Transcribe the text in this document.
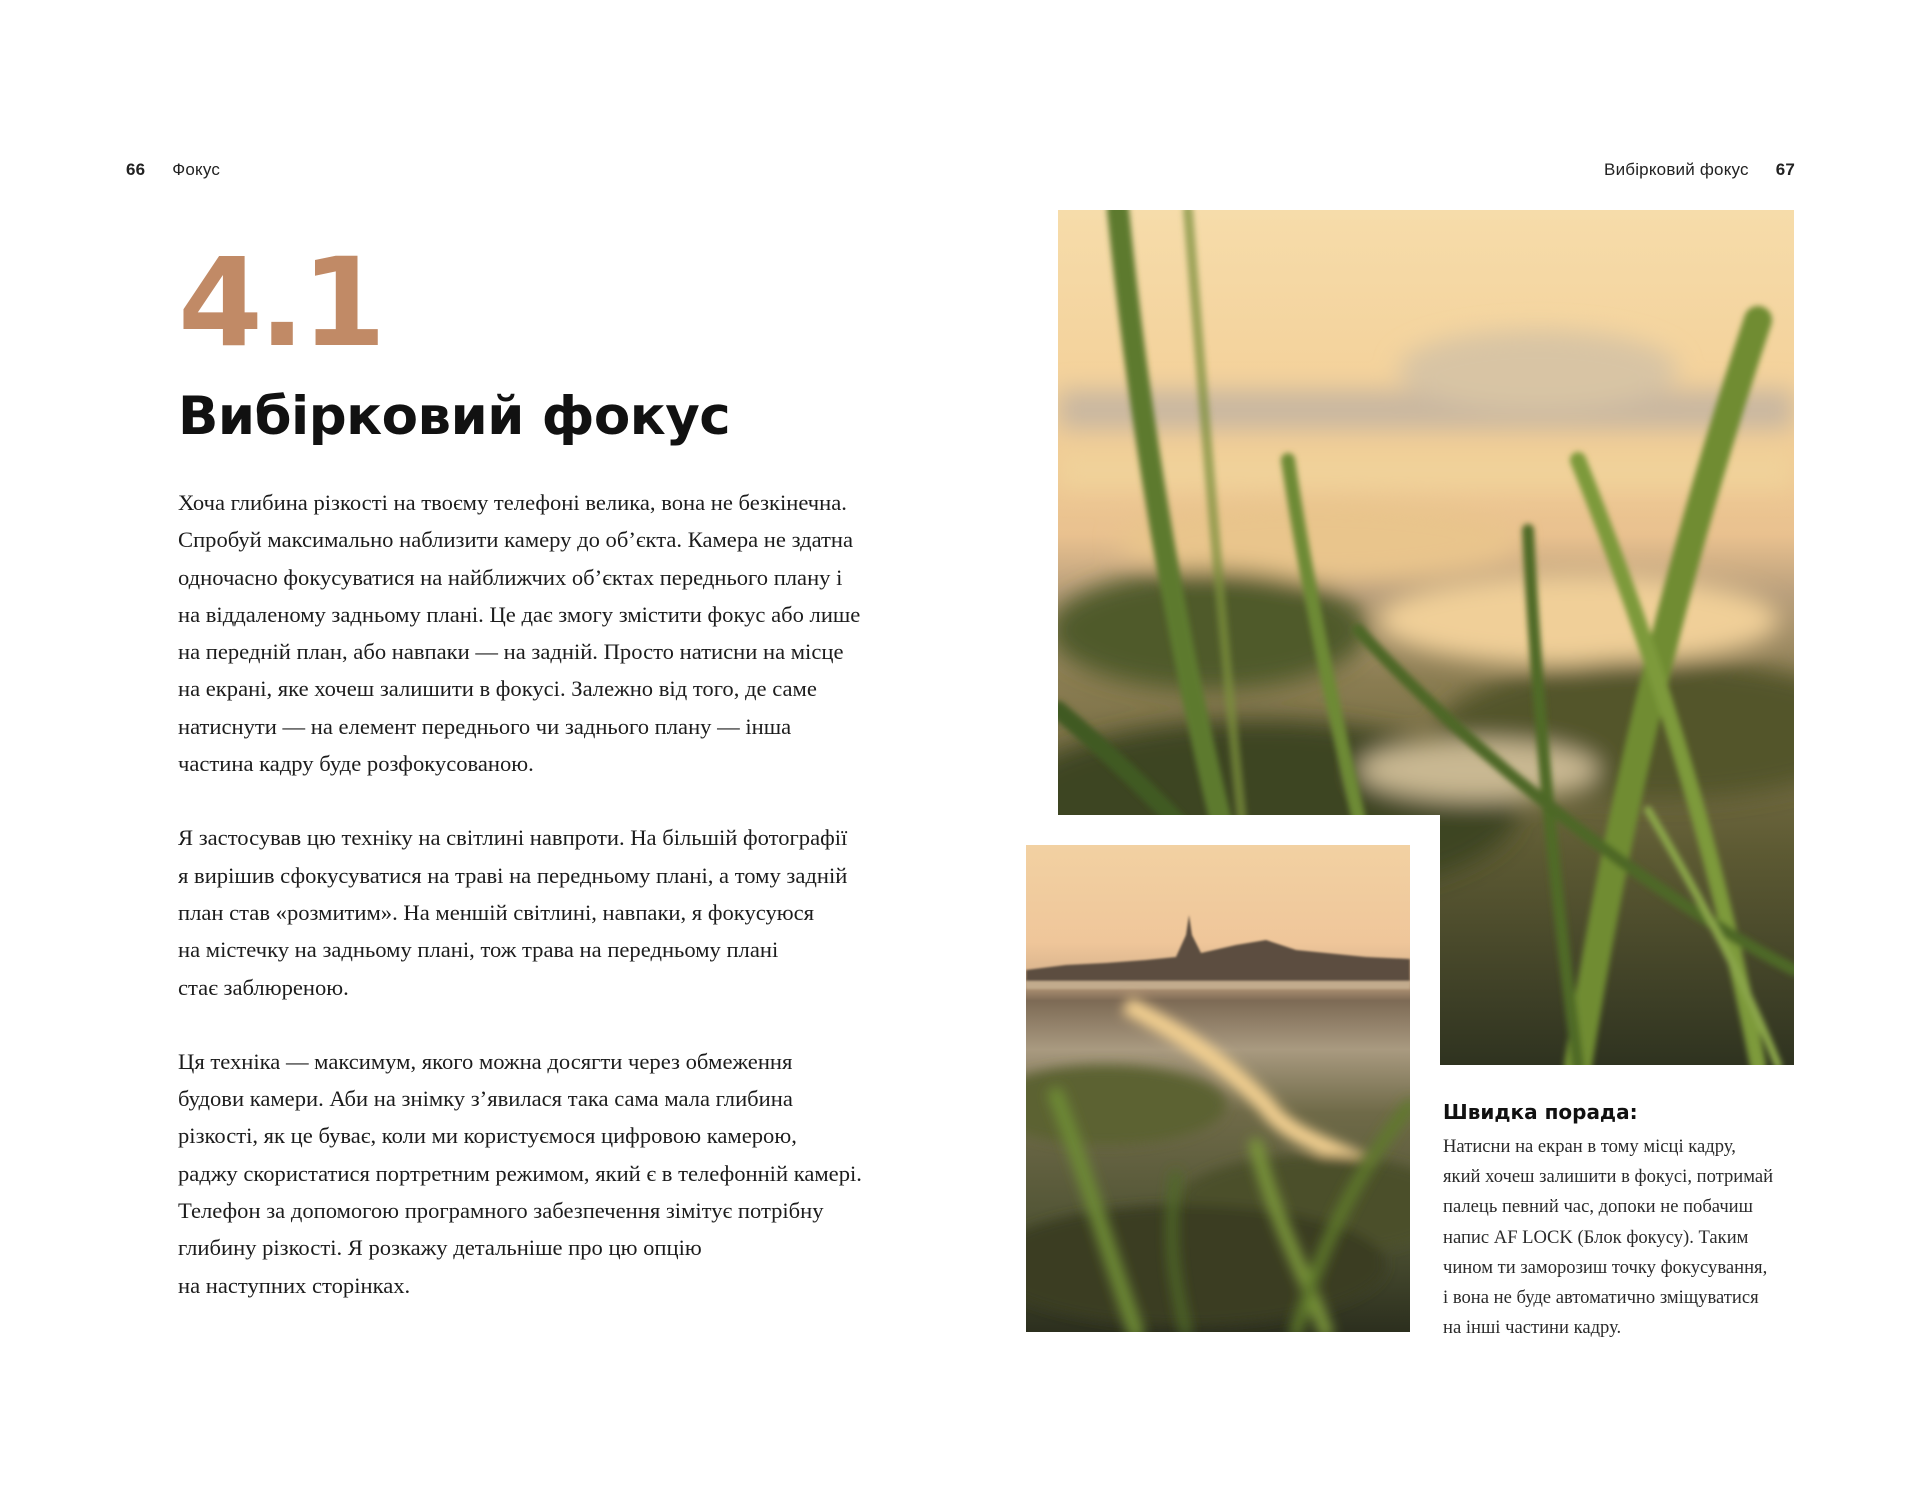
66 Фокус	Вибірковий фокус 67
4.1
Вибірковий фокус

Хоча глибина різкості на твоєму телефоні велика, вона не безкінечна.
Спробуй максимально наблизити камеру до об’єкта. Камера не здатна
одночасно фокусуватися на найближчих об’єктах переднього плану і
на віддаленому задньому плані. Це дає змогу змістити фокус або лише
на передній план, або навпаки — на задній. Просто натисни на місце
на екрані, яке хочеш залишити в фокусі. Залежно від того, де саме
натиснути — на елемент переднього чи заднього плану — інша
частина кадру буде розфокусованою.

Я застосував цю техніку на світлині навпроти. На більшій фотографії
я вирішив сфокусуватися на траві на передньому плані, а тому задній
план став «розмитим». На меншій світлині, навпаки, я фокусуюся
на містечку на задньому плані, тож трава на передньому плані
стає заблюреною.

Ця техніка — максимум, якого можна досягти через обмеження
будови камери. Аби на знімку з’явилася така сама мала глибина
різкості, як це буває, коли ми користуємося цифровою камерою,
раджу скористатися портретним режимом, який є в телефонній камері.
Телефон за допомогою програмного забезпечення зімітує потрібну
глибину різкості. Я розкажу детальніше про цю опцію
на наступних сторінках.

Швидка порада:
Натисни на екран в тому місці кадру,
який хочеш залишити в фокусі, потримай
палець певний час, допоки не побачиш
напис AF LOCK (Блок фокусу). Таким
чином ти заморозиш точку фокусування,
і вона не буде автоматично зміщуватися
на інші частини кадру.
